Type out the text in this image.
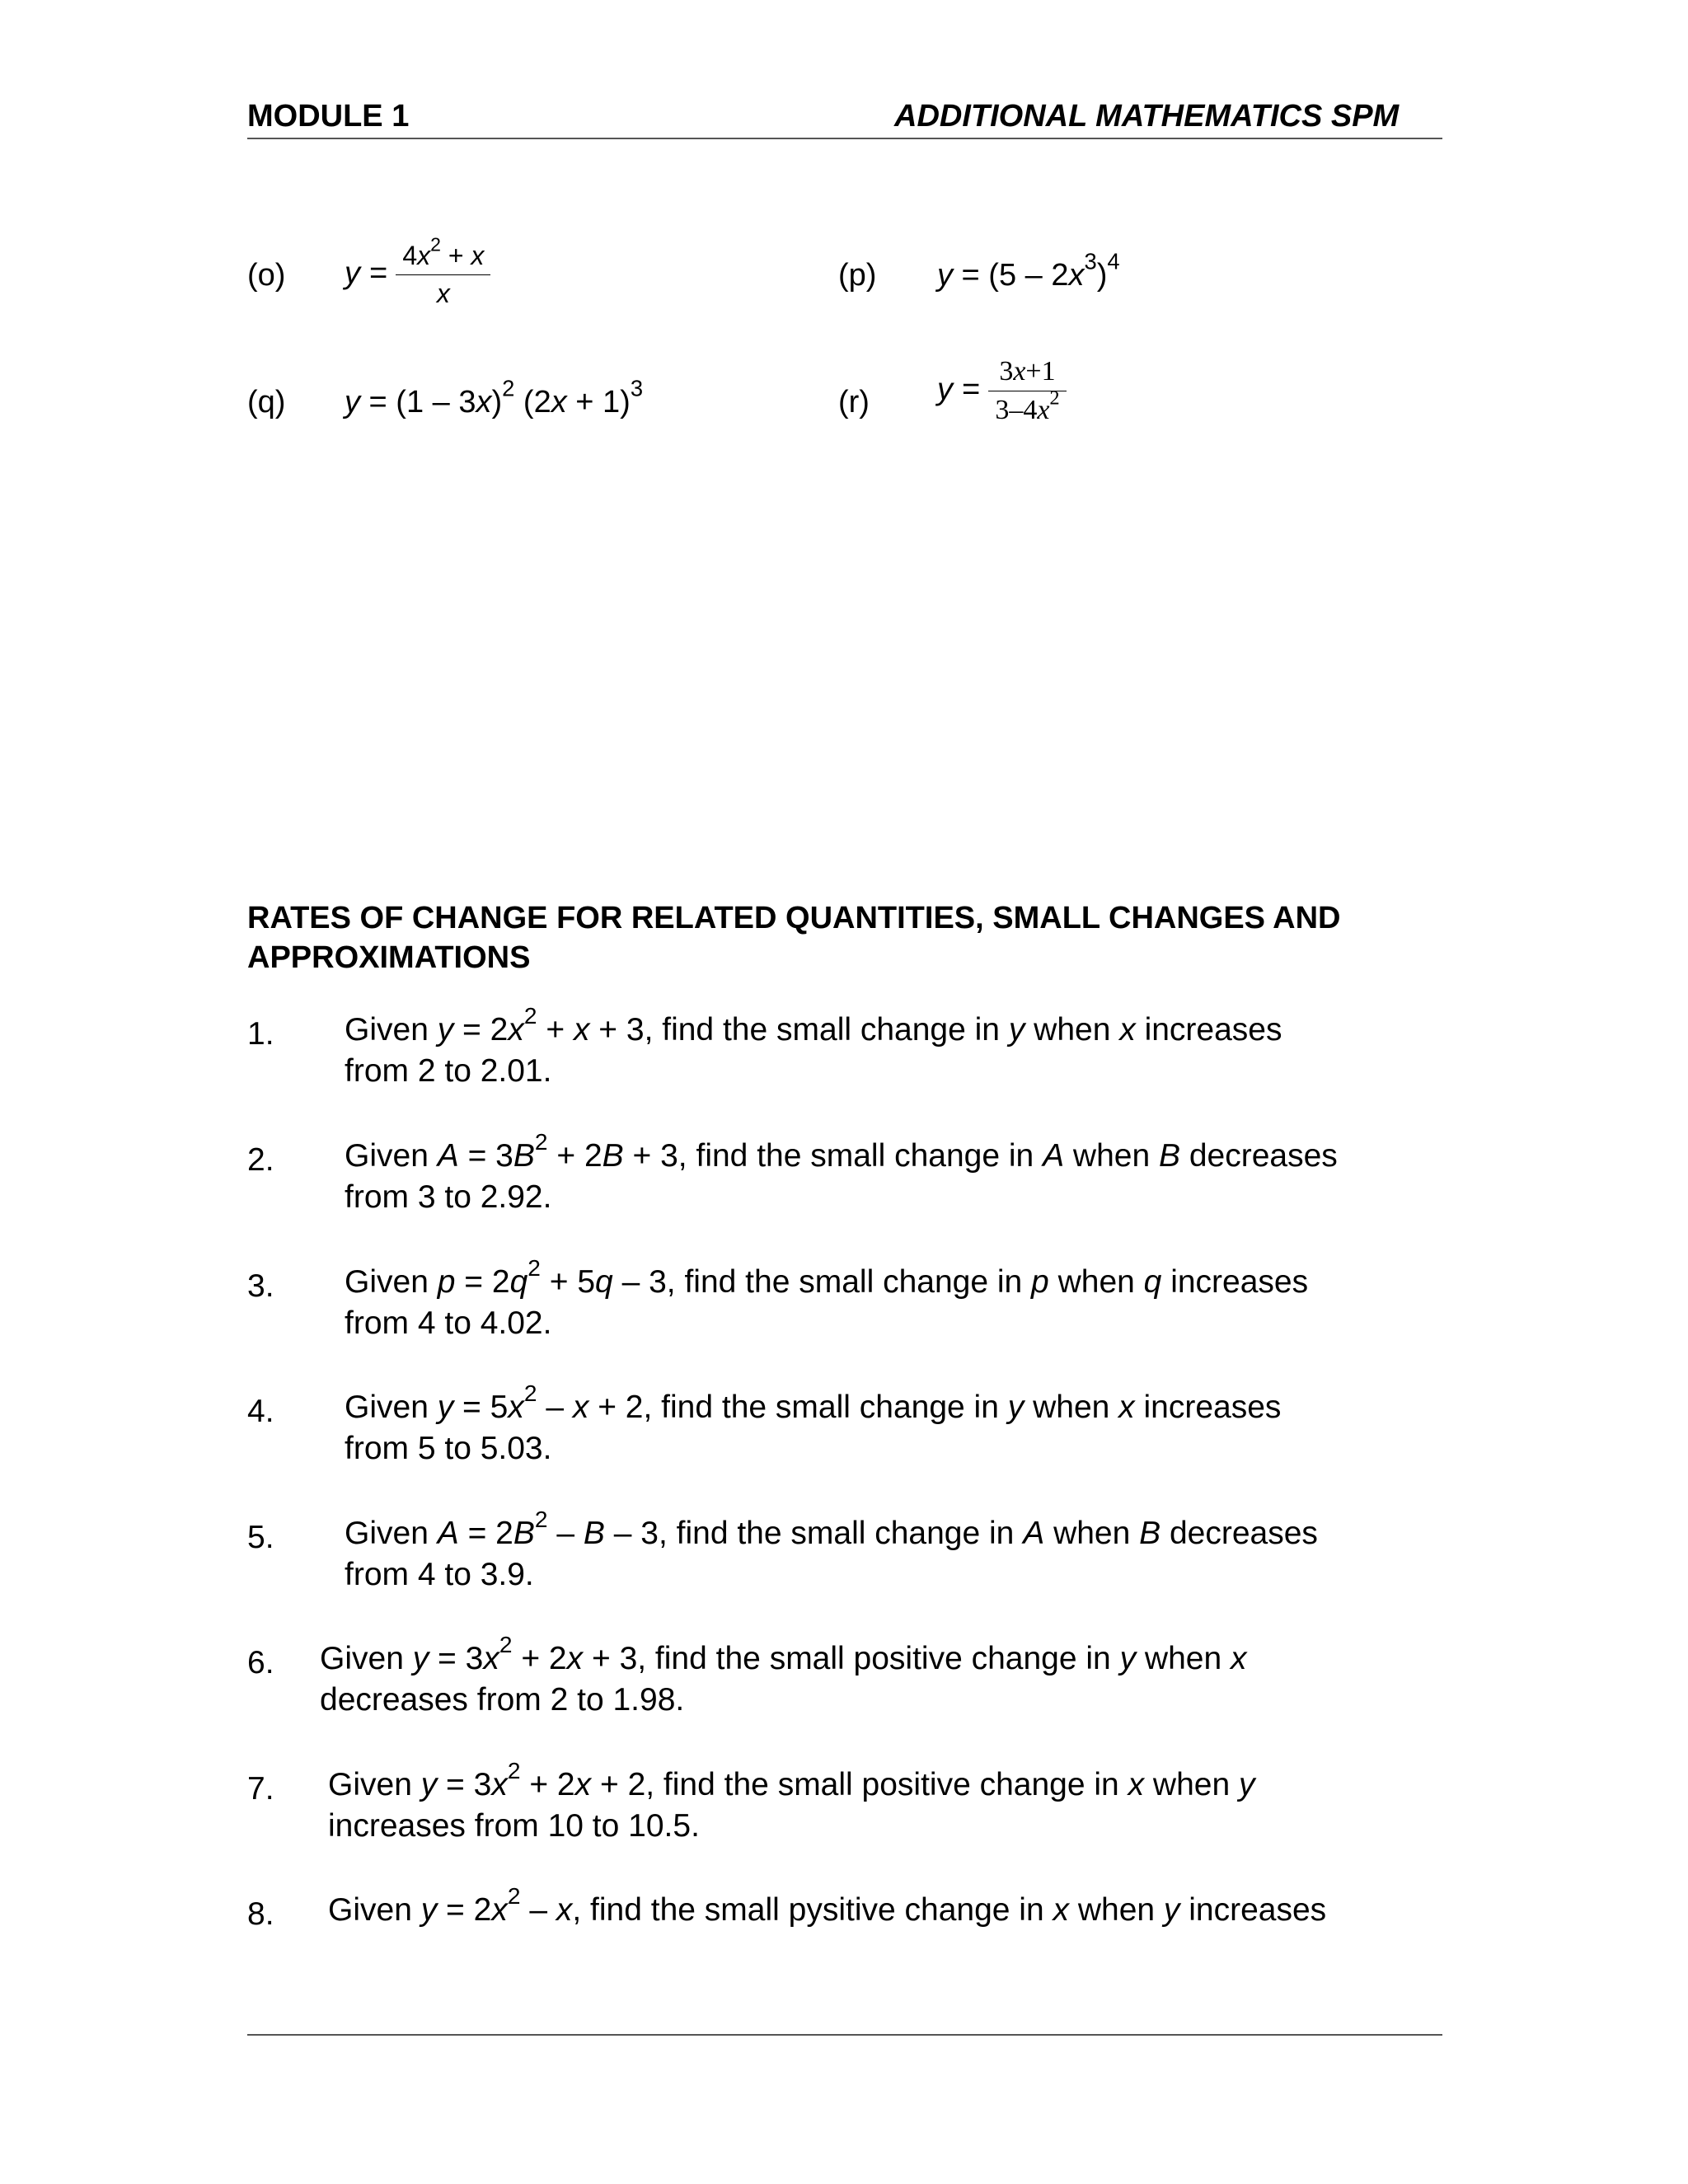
MODULE 1	ADDITIONAL MATHEMATICS SPM
(o) $y = \frac{4x^2 + x}{x}$	(p) $y = (5 - 2x^3)^4$
(q) y = (1 – 3x)$^2$ $(2x + 1)^3$	(r) $y = \frac{3x+1}{3-4x^2}$
RATES OF CHANGE FOR RELATED QUANTITIES, SMALL CHANGES AND
APPROXIMATIONS
1. Given $y = 2x^2 + x + 3$, find the small change in y when x increases
from 2 to 2.01.
2. Given $A = 3B^2 + 2B + 3$, find the small change in A when B decreases
from 3 to 2.92.
3. Given $p = 2q^2 + 5q - 3$, find the small change in p when q increases
from 4 to 4.02.
4. Given $y = 5x^2 - x + 2$, find the small change in y when x increases
from 5 to 5.03.
5. Given $A = 2B^2 - B - 3$, find the small change in A when B decreases
from 4 to 3.9.
6. Given $y = 3x^2 + 2x + 3$, find the small positive change in y when x
decreases from 2 to 1.98.
7. Given $y = 3x^2 + 2x + 2$, find the small positive change in x when y
increases from 10 to 10.5.
8. Given $y = 2x^2 - x$, find the small pysitive change in x when y increases
